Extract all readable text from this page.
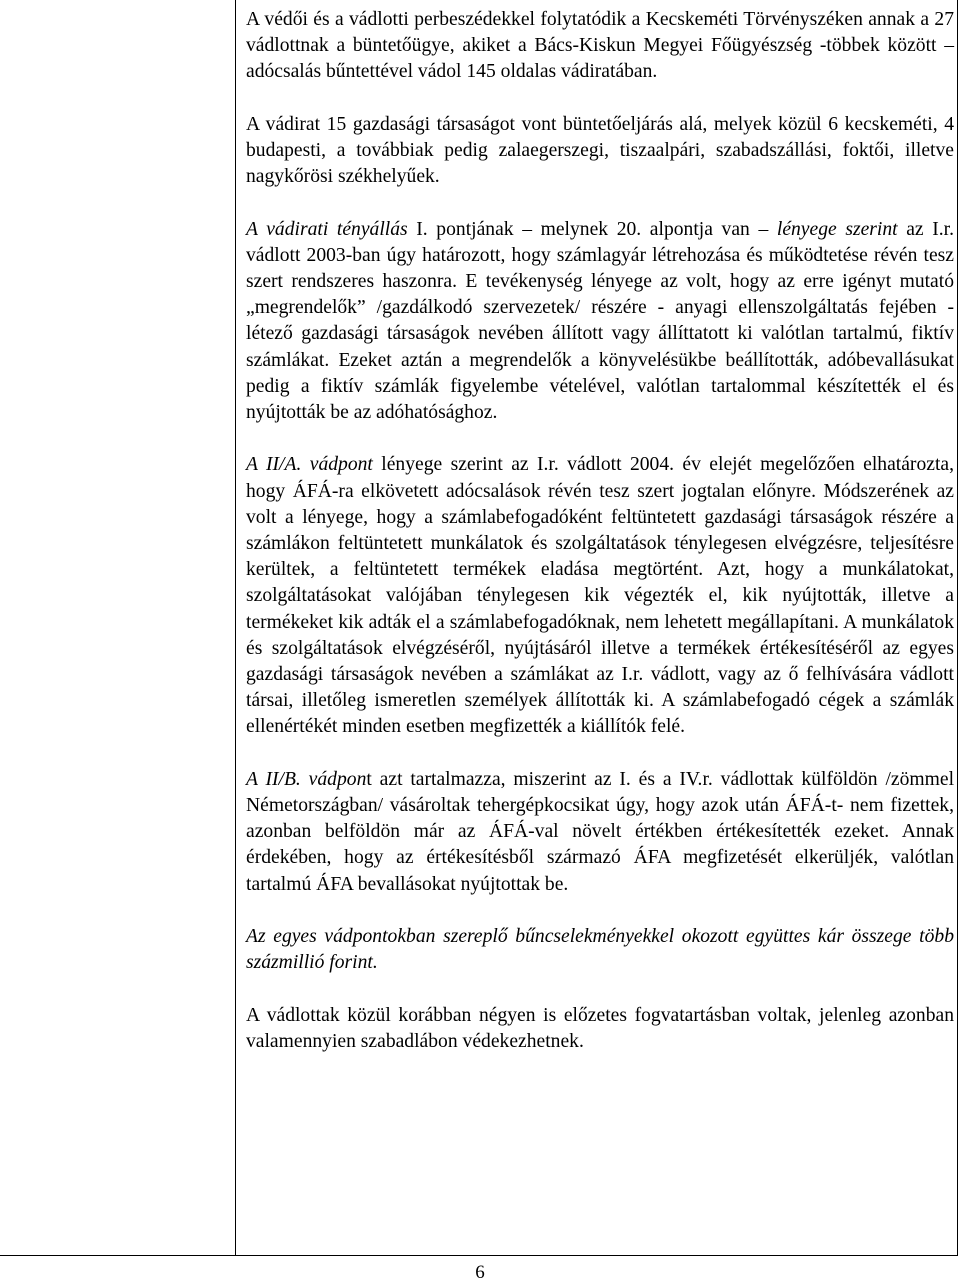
A védői és a vádlotti perbeszédekkel folytatódik a Kecskeméti Törvényszéken annak a 27 vádlottnak a büntetőügye, akiket a Bács-Kiskun Megyei Főügyészség -többek között – adócsalás bűntettével vádol 145 oldalas vádiratában.

A vádirat 15 gazdasági társaságot vont büntetőeljárás alá, melyek közül 6 kecskeméti, 4 budapesti, a továbbiak pedig zalaegerszegi, tiszaalpári, szabadszállási, foktői, illetve nagykőrösi székhelyűek.

A vádirati tényállás I. pontjának – melynek 20. alpontja van – lényege szerint az I.r. vádlott 2003-ban úgy határozott, hogy számlagyár létrehozása és működtetése révén tesz szert rendszeres haszonra. E tevékenység lényege az volt, hogy az erre igényt mutató „megrendelők” /gazdálkodó szervezetek/ részére - anyagi ellenszolgáltatás fejében - létező gazdasági társaságok nevében állított vagy állíttatott ki valótlan tartalmú, fiktív számlákat. Ezeket aztán a megrendelők a könyvelésükbe beállították, adóbevallásukat pedig a fiktív számlák figyelembe vételével, valótlan tartalommal készítették el és nyújtották be az adóhatósághoz.

A II/A. vádpont lényege szerint az I.r. vádlott 2004. év elejét megelőzően elhatározta, hogy ÁFÁ-ra elkövetett adócsalások révén tesz szert jogtalan előnyre. Módszerének az volt a lényege, hogy a számlabefogadóként feltüntetett gazdasági társaságok részére a számlákon feltüntetett munkálatok és szolgáltatások ténylegesen elvégzésre, teljesítésre kerültek, a feltüntetett termékek eladása megtörtént. Azt, hogy a munkálatokat, szolgáltatásokat valójában ténylegesen kik végezték el, kik nyújtották, illetve a termékeket kik adták el a számlabefogadóknak, nem lehetett megállapítani. A munkálatok és szolgáltatások elvégzéséről, nyújtásáról illetve a termékek értékesítéséről az egyes gazdasági társaságok nevében a számlákat az I.r. vádlott, vagy az ő felhívására vádlott társai, illetőleg ismeretlen személyek állították ki. A számlabefogadó cégek a számlák ellenértékét minden esetben megfizették a kiállítók felé.

A II/B. vádpont azt tartalmazza, miszerint az I. és a IV.r. vádlottak külföldön /zömmel Németországban/ vásároltak tehergépkocsikat úgy, hogy azok után ÁFÁ-t- nem fizettek, azonban belföldön már az ÁFÁ-val növelt értékben értékesítették ezeket. Annak érdekében, hogy az értékesítésből származó ÁFA megfizetését elkerüljék, valótlan tartalmú ÁFA bevallásokat nyújtottak be.

Az egyes vádpontokban szereplő bűncselekményekkel okozott együttes kár összege több százmillió forint.

A vádlottak közül korábban négyen is előzetes fogvatartásban voltak, jelenleg azonban valamennyien szabadlábon védekezhetnek.

6
